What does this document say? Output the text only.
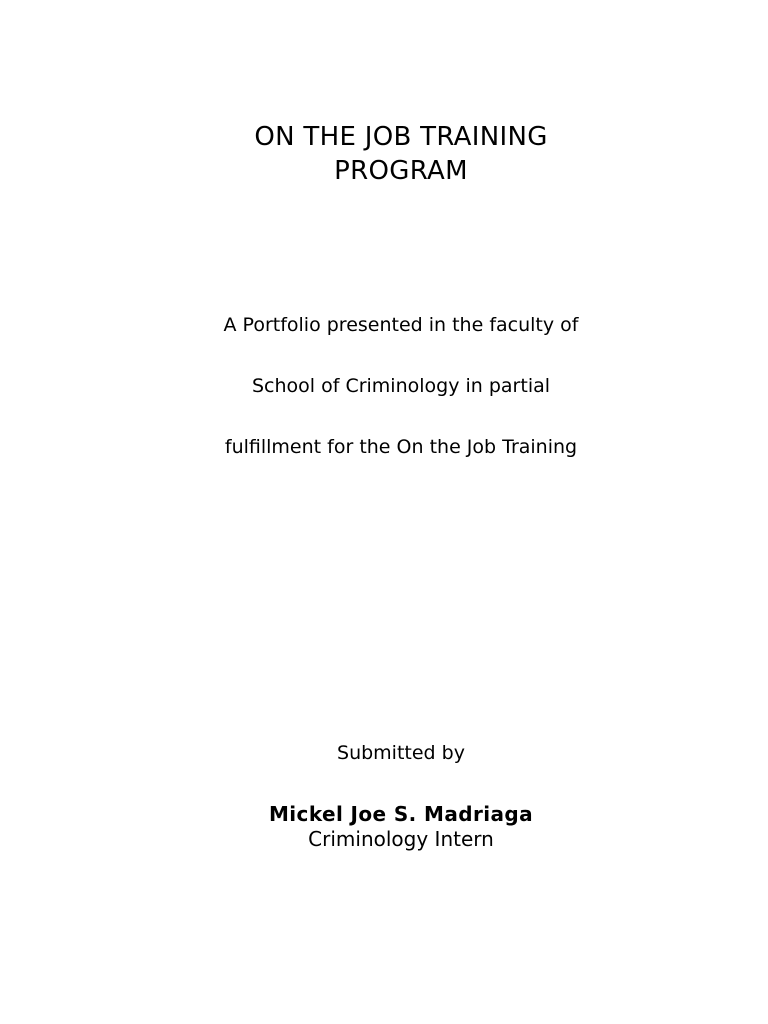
ON THE JOB TRAINING
PROGRAM
A Portfolio presented in the faculty of
School of Criminology in partial
fulfillment for the On the Job Training
Submitted by
Mickel Joe S. Madriaga
Criminology Intern
